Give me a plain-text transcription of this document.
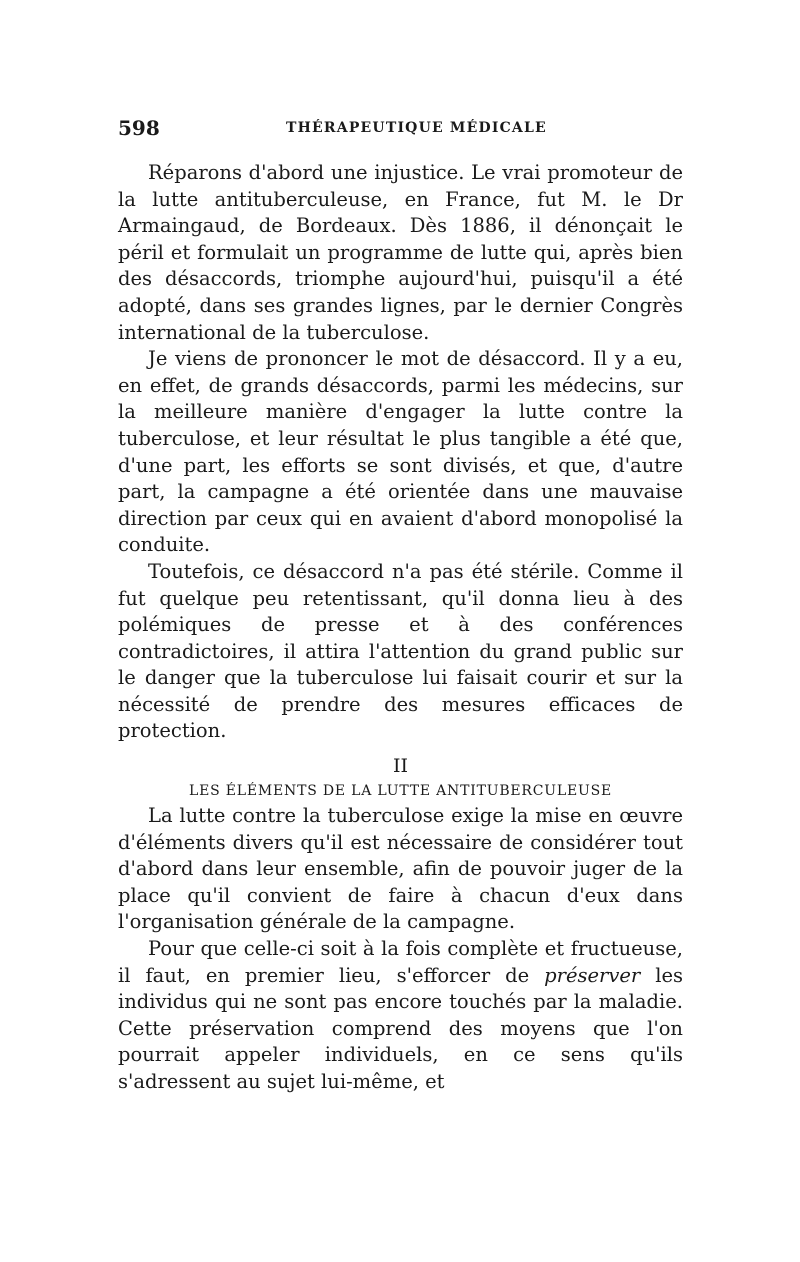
598	THÉRAPEUTIQUE MÉDICALE

Réparons d'abord une injustice. Le vrai promoteur de la lutte antituberculeuse, en France, fut M. le Dr Armaingaud, de Bordeaux. Dès 1886, il dénonçait le péril et formulait un programme de lutte qui, après bien des désaccords, triomphe aujourd'hui, puisqu'il a été adopté, dans ses grandes lignes, par le dernier Congrès international de la tuberculose.

Je viens de prononcer le mot de désaccord. Il y a eu, en effet, de grands désaccords, parmi les médecins, sur la meilleure manière d'engager la lutte contre la tuberculose, et leur résultat le plus tangible a été que, d'une part, les efforts se sont divisés, et que, d'autre part, la campagne a été orientée dans une mauvaise direction par ceux qui en avaient d'abord monopolisé la conduite.

Toutefois, ce désaccord n'a pas été stérile. Comme il fut quelque peu retentissant, qu'il donna lieu à des polémiques de presse et à des conférences contradictoires, il attira l'attention du grand public sur le danger que la tuberculose lui faisait courir et sur la nécessité de prendre des mesures efficaces de protection.

II
LES ÉLÉMENTS DE LA LUTTE ANTITUBERCULEUSE

La lutte contre la tuberculose exige la mise en œuvre d'éléments divers qu'il est nécessaire de considérer tout d'abord dans leur ensemble, afin de pouvoir juger de la place qu'il convient de faire à chacun d'eux dans l'organisation générale de la campagne.

Pour que celle-ci soit à la fois complète et fructueuse, il faut, en premier lieu, s'efforcer de préserver les individus qui ne sont pas encore touchés par la maladie. Cette préservation comprend des moyens que l'on pourrait appeler individuels, en ce sens qu'ils s'adressent au sujet lui-même, et
